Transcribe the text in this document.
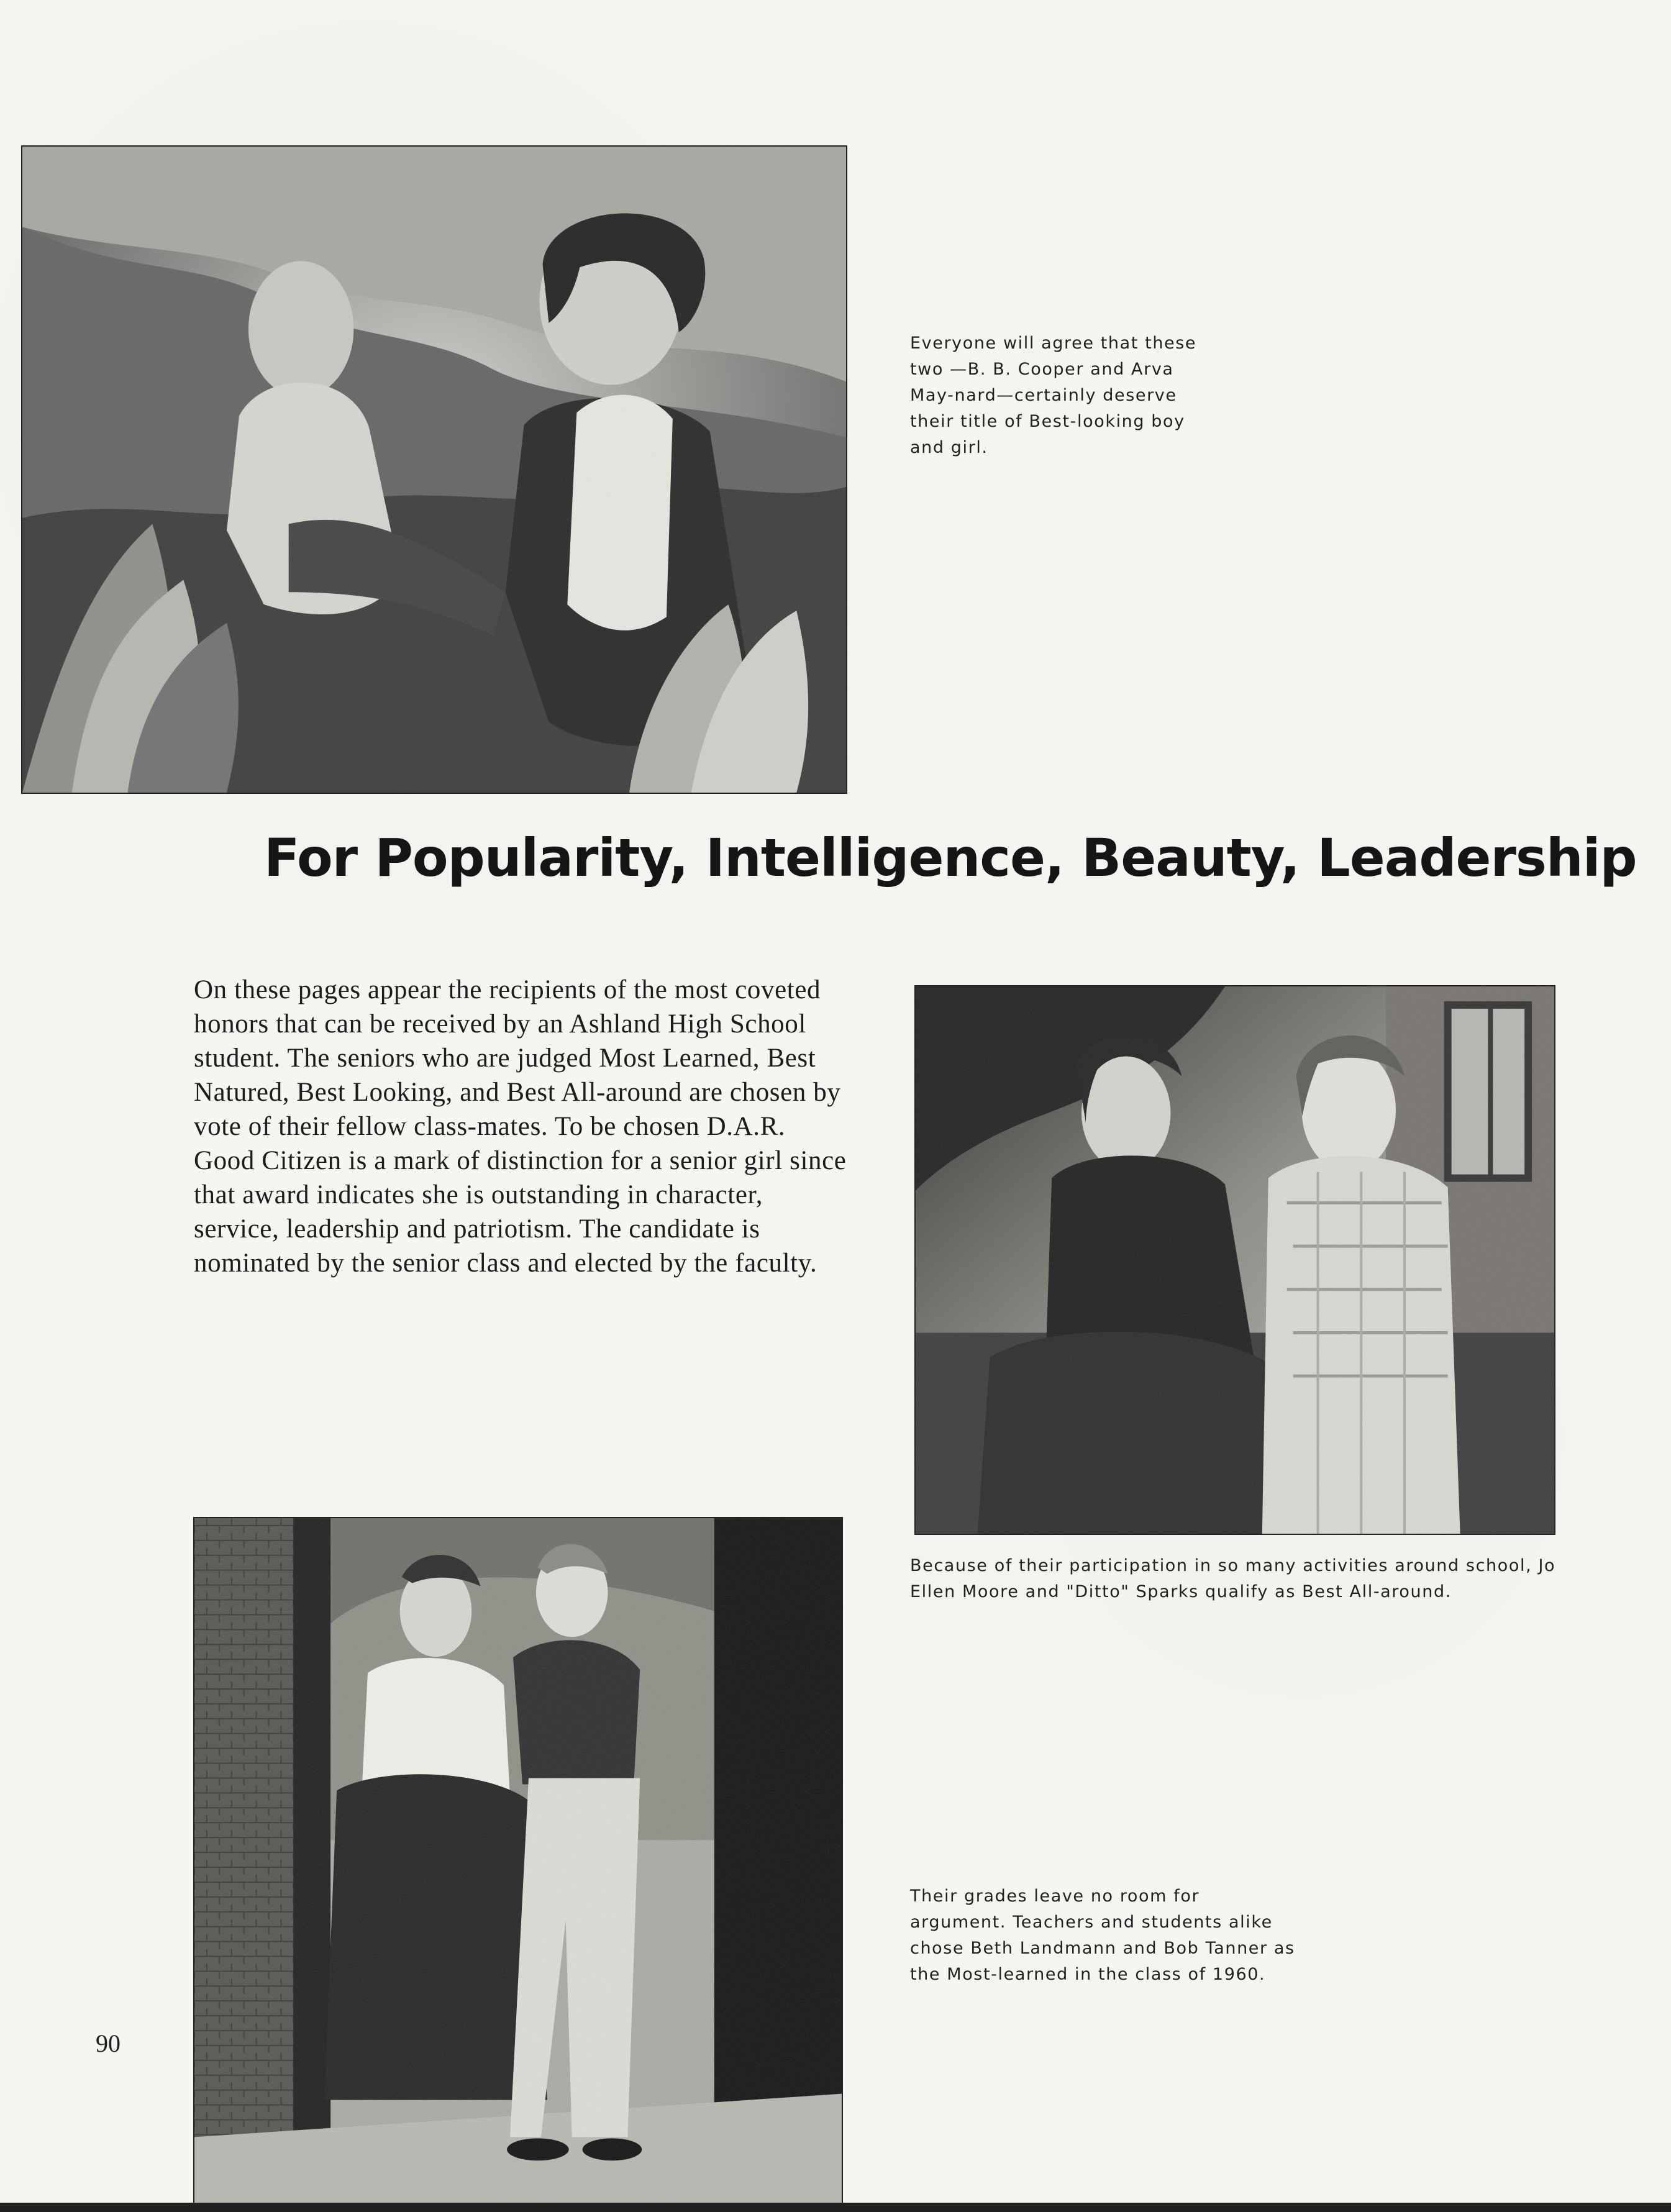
Everyone will agree that these two —B. B. Cooper and Arva May-nard—certainly deserve their title of Best-looking boy and girl.

For Popularity, Intelligence, Beauty, Leadership

On these pages appear the recipients of the most coveted honors that can be received by an Ashland High School student. The seniors who are judged Most Learned, Best Natured, Best Looking, and Best All-around are chosen by vote of their fellow class-mates. To be chosen D.A.R. Good Citizen is a mark of distinction for a senior girl since that award indicates she is outstanding in character, service, leadership and patriotism. The candidate is nominated by the senior class and elected by the faculty.

Because of their participation in so many activities around school, Jo Ellen Moore and "Ditto" Sparks qualify as Best All-around.

Their grades leave no room for argument. Teachers and students alike chose Beth Landmann and Bob Tanner as the Most-learned in the class of 1960.

90
